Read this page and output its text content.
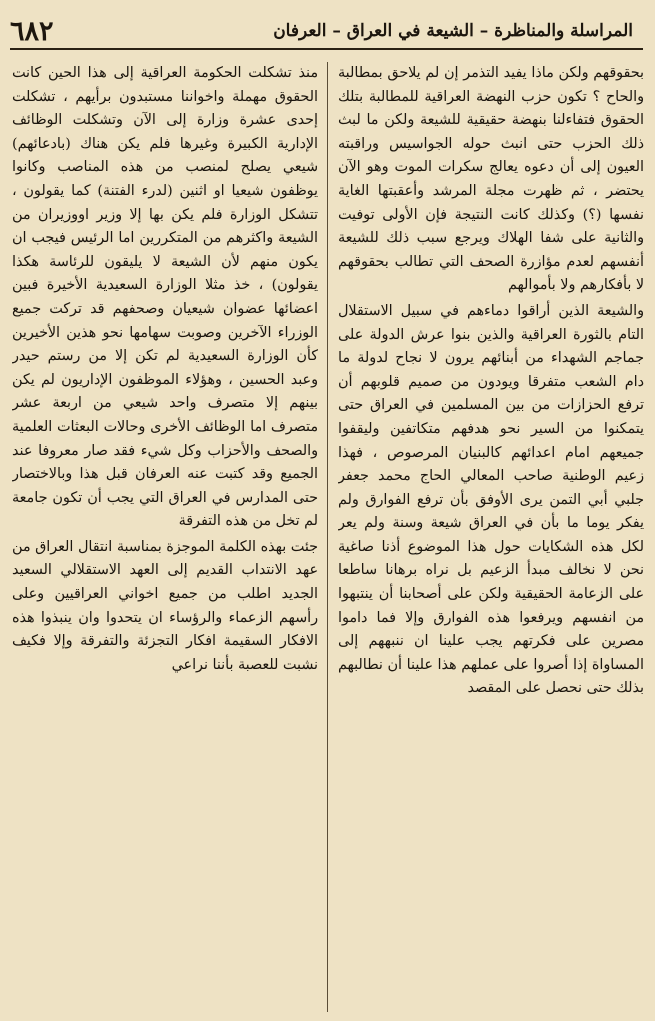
٦٨٢	المراسلة والمناظرة – الشيعة في العراق – العرفان

بحقوقهم ولكن ماذا يفيد التذمر إن لم يلاحق بمطالبة والحاح ؟ تكون حزب النهضة العراقية للمطالبة بتلك الحقوق فتفاءلنا بنهضة حقيقية للشيعة ولكن ما لبث ذلك الحزب حتى انبث حوله الجواسيس وراقبته العيون إلى أن دعوه يعالج سكرات الموت وهو الآن يحتضر ، ثم ظهرت مجلة المرشد وأعقبتها الغاية نفسها (؟) وكذلك كانت النتيجة فإن الأولى توفيت والثانية على شفا الهلاك ويرجع سبب ذلك للشيعة أنفسهم لعدم مؤازرة الصحف التي تطالب بحقوقهم لا بأفكارهم ولا بأموالهم

والشيعة الذين أراقوا دماءهم في سبيل الاستقلال التام بالثورة العراقية والذين بنوا عرش الدولة على جماجم الشهداء من أبنائهم يرون لا نجاح لدولة ما دام الشعب متفرقا ويودون من صميم قلوبهم أن ترفع الحزازات من بين المسلمين في العراق حتى يتمكنوا من السير نحو هدفهم متكاتفين وليقفوا جميعهم امام اعدائهم كالبنيان المرصوص ، فهذا زعيم الوطنية صاحب المعالي الحاج محمد جعفر جلبي أبي التمن يرى الأوفق بأن ترفع الفوارق ولم يفكر يوما ما بأن في العراق شيعة وسنة ولم يعر لكل هذه الشكايات حول هذا الموضوع أذنا صاغية نحن لا نخالف مبدأ الزعيم بل نراه برهانا ساطعا على الزعامة الحقيقية ولكن على أصحابنا أن ينتبهوا من انفسهم ويرفعوا هذه الفوارق وإلا فما داموا مصرين على فكرتهم يجب علينا ان ننبههم إلى المساواة إذا أصروا على عملهم هذا علينا أن نطالبهم بذلك حتى نحصل على المقصد

منذ تشكلت الحكومة العراقية إلى هذا الحين كانت الحقوق مهملة واخواننا مستبدون برأيهم ، تشكلت إحدى عشرة وزارة إلى الآن وتشكلت الوظائف الإدارية الكبيرة وغيرها فلم يكن هناك (بادعائهم) شيعي يصلح لمنصب من هذه المناصب وكانوا يوظفون شيعيا او اثنين (لدرء الفتنة) كما يقولون ، تتشكل الوزارة فلم يكن بها إلا وزير اووزيران من الشيعة واكثرهم من المتكررين اما الرئيس فيجب ان يكون منهم لأن الشيعة لا يليقون للرئاسة هكذا يقولون) ، خذ مثلا الوزارة السعيدية الأخيرة فبين اعضائها عضوان شيعيان وصحفهم قد تركت جميع الوزراء الآخرين وصوبت سهامها نحو هذين الأخيرين كأن الوزارة السعيدية لم تكن إلا من رستم حيدر وعبد الحسين ، وهؤلاء الموظفون الإداريون لم يكن بينهم إلا متصرف واحد شيعي من اربعة عشر متصرف اما الوظائف الأخرى وحالات البعثات العلمية والصحف والأحزاب وكل شيء فقد صار معروفا عند الجميع وقد كتبت عنه العرفان قبل هذا وبالاختصار حتى المدارس في العراق التي يجب أن تكون جامعة لم تخل من هذه التفرقة

جئت بهذه الكلمة الموجزة بمناسبة انتقال العراق من عهد الانتداب القديم إلى العهد الاستقلالي السعيد الجديد اطلب من جميع اخواني العراقيين وعلى رأسهم الزعماء والرؤساء ان يتحدوا وان ينبذوا هذه الافكار السقيمة افكار التجزئة والتفرقة وإلا فكيف نشبت للعصبة بأننا نراعي
